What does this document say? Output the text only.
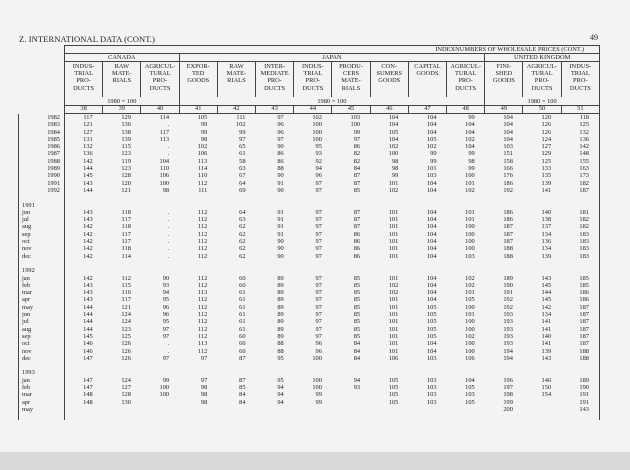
Z. INTERNATIONAL DATA (CONT.)	49
	INDEXNUMBERS OF WHOLESALE PRICES (CONT.)													
	CANADA			JAPAN								UNITED KINGDOM		
	INDUS-
TRIAL
PRO-
DUCTS	RAW
MATE-
RIALS	AGRICUL-
TURAL
PRO-
DUCTS	EXPOR-
TED
GOODS	RAW
MATE-
RIALS	INTER-
MEDIATE
PRO-
DUCTS	INDUS-
TRIAL
PRO-
DUCTS	PRODU-
CERS
MATE-
RIALS	CON-
SUMERS
GOODS	CAPITAL
GOODS	AGRICUL-
TURAL
PRO-
DUCTS	FINI-
SHED
GOODS	AGRICUL-
TURAL
PRO-
DUCTS	INDUS-
TRIAL
PRO-
DUCTS
	1980 = 100			1980 = 100								1980 = 100		
	38	39	40	41	42	43	44	45	46	47	48	49	50	51
1982	117	129	114	105	111	97	102	103	104	104	99	104	120	118
1983	121	136	.	99	102	96	100	100	104	104	104	104	126	125
1984	127	138	117	99	99	96	100	99	105	104	104	104	126	132
1985	131	139	113	98	97	97	100	97	104	105	102	104	124	136
1986	132	115	.	102	65	90	95	86	102	102	104	103	127	142
1987	136	123	.	106	61	86	93	82	100	99	99	151	129	148
1988	142	119	104	113	58	86	92	82	98	99	98	158	125	155
1989	144	123	110	114	63	88	94	84	98	101	99	166	133	163
1990	145	128	106	110	67	90	96	87	99	103	100	176	135	173
1991	143	120	100	112	64	91	97	87	101	104	101	186	139	182
1992	144	121	98	111	69	90	97	85	102	104	102	192	141	187

1991														
jun	143	118	.	112	64	91	97	87	101	104	101	186	140	181
jul	143	117	.	112	63	91	97	87	101	104	101	186	138	182
aug	142	118	.	112	62	91	97	87	101	104	100	187	137	182
sep	142	117	.	112	62	91	97	86	101	104	100	187	134	183
oct	142	117	.	112	62	90	97	86	101	104	100	187	136	183
nov	142	118	.	112	62	90	97	86	101	104	100	188	134	183
dec	142	114	.	112	62	90	97	86	101	104	103	188	139	183

1992														
jan	142	112	90	112	60	89	97	85	101	104	102	189	143	185
feb	143	115	93	112	60	89	97	85	102	104	102	190	145	185
mar	143	116	94	113	61	89	97	85	102	104	101	191	144	186
apr	143	117	95	112	61	89	97	85	101	104	105	192	145	186
may	144	121	96	112	61	89	97	85	101	105	100	192	142	187
jun	144	124	96	112	61	89	97	85	101	105	101	193	134	187
jul	144	124	95	112	61	89	97	85	101	105	100	193	141	187
aug	144	123	97	112	61	89	97	85	101	105	100	193	141	187
sep	145	125	97	112	60	89	97	85	101	105	102	193	140	187
oct	146	126	.	113	60	88	96	84	101	104	100	193	141	187
nov	146	126	.	112	60	88	96	84	101	104	100	194	139	188
dec	147	126	97	97	87	95	100	84	106	103	106	194	143	188

1993														
jan	147	124	99	97	87	95	100	94	105	103	104	196	146	189
feb	147	127	100	98	85	94	100	93	105	103	105	197	150	190
mar	148	128	100	98	84	94	99		105	103	103	198	154	191
apr	148	130		98	84	94	99		105	103	105	199		191
may												200		143
